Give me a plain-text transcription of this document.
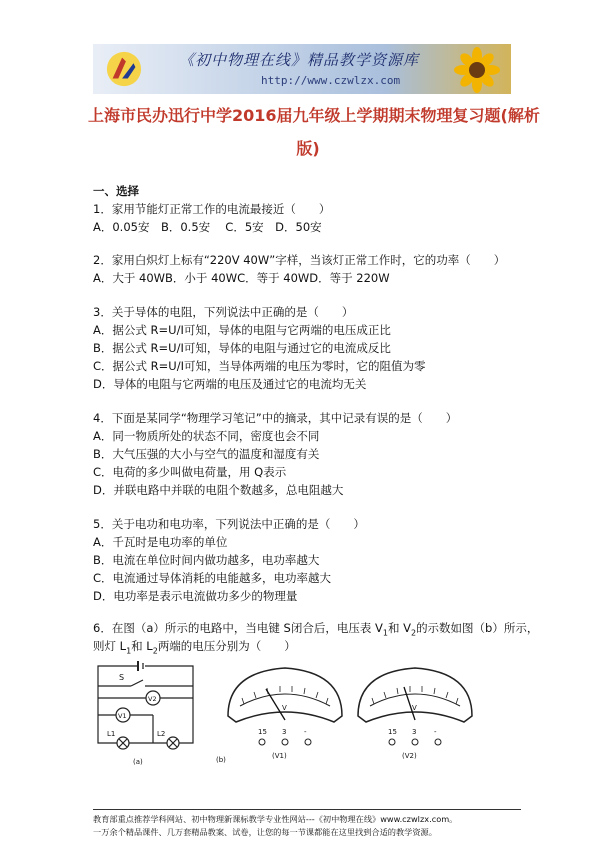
《初中物理在线》精品教学资源库
http://www.czwlzx.com
上海市民办迅行中学2016届九年级上学期期末物理复习题(解析
版)
一、选择
1．家用节能灯正常工作的电流最接近（　　）
A．0.05安　B．0.5安　 C．5安　D．50安
2．家用白炽灯上标有“220V 40W”字样，当该灯正常工作时，它的功率（　　）
A．大于 40WB．小于 40WC．等于 40WD．等于 220W
3．关于导体的电阻，下列说法中正确的是（　　）
A．据公式 R=U/I可知，导体的电阻与它两端的电压成正比
B．据公式 R=U/I可知，导体的电阻与通过它的电流成反比
C．据公式 R=U/I可知，当导体两端的电压为零时，它的阻值为零
D．导体的电阻与它两端的电压及通过它的电流均无关
4．下面是某同学“物理学习笔记”中的摘录，其中记录有误的是（　　）
A．同一物质所处的状态不同，密度也会不同
B．大气压强的大小与空气的温度和湿度有关
C．电荷的多少叫做电荷量，用 Q表示
D．并联电路中并联的电阻个数越多，总电阻越大
5．关于电功和电功率，下列说法中正确的是（　　）
A．千瓦时是电功率的单位
B．电流在单位时间内做功越多，电功率越大
C．电流通过导体消耗的电能越多，电功率越大
D．电功率是表示电流做功多少的物理量
6．在图（a）所示的电路中，当电键 S闭合后，电压表 $V_1$和 $V_2$的示数如图（b）所示，
则灯 $L_1$和 $L_2$两端的电压分别为（　　）
S
V2
V1
L1	L2
(a)
V
15 3	-
(V1)
(b)
V
15 3	-
(V2)
教育部重点推荐学科网站、初中物理新课标教学专业性网站---《初中物理在线》www.czwlzx.com。
一万余个精品课件、几万套精品教案、试卷，让您的每一节课都能在这里找到合适的教学资源。
